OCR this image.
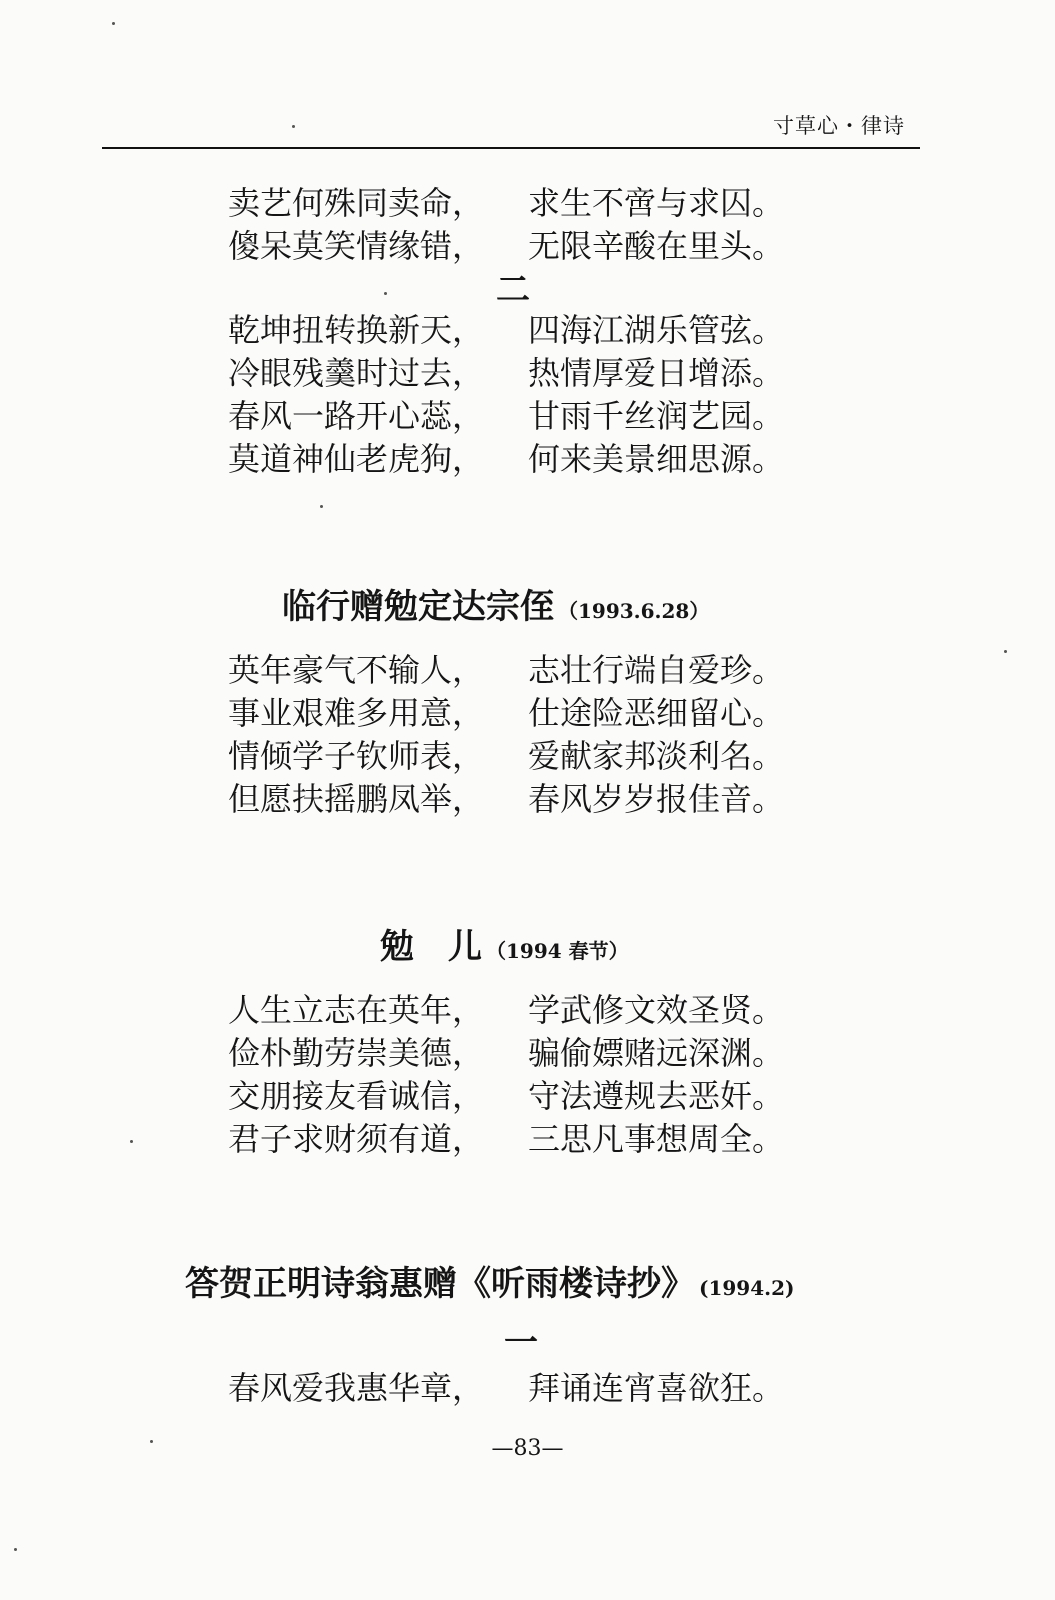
寸草心・律诗
卖艺何殊同卖命， 求生不啻与求囚。
傻呆莫笑情缘错， 无限辛酸在里头。
二
乾坤扭转换新天， 四海江湖乐管弦。
冷眼残羹时过去， 热情厚爱日增添。
春风一路开心蕊， 甘雨千丝润艺园。
莫道神仙老虎狗， 何来美景细思源。
临行赠勉定达宗侄 （1993.6.28）
英年豪气不输人， 志壮行端自爱珍。
事业艰难多用意， 仕途险恶细留心。
情倾学子钦师表， 爱献家邦淡利名。
但愿扶摇鹏凤举， 春风岁岁报佳音。
勉　儿 （1994 春节）
人生立志在英年， 学武修文效圣贤。
俭朴勤劳崇美德， 骗偷嫖赌远深渊。
交朋接友看诚信， 守法遵规去恶奸。
君子求财须有道， 三思凡事想周全。
答贺正明诗翁惠赠《听雨楼诗抄》 (1994.2)
一
春风爱我惠华章， 拜诵连宵喜欲狂。
—83—
